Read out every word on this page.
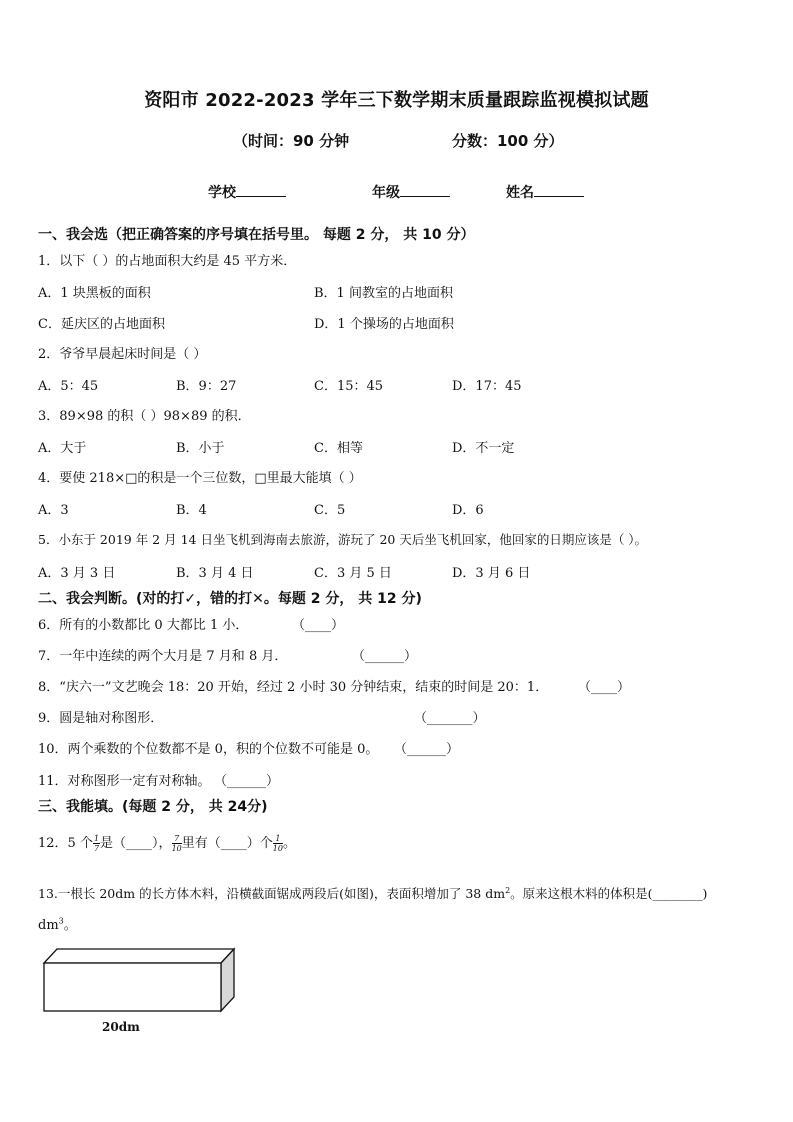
资阳市 2022-2023 学年三下数学期末质量跟踪监视模拟试题
（时间：90 分钟	分数：100 分）
学校	年级	姓名
一、我会选（把正确答案的序号填在括号里。 每题 2 分， 共 10 分）
1．以下（ ）的占地面积大约是 45 平方米．
A．1 块黑板的面积	B．1 间教室的占地面积
C．延庆区的占地面积	D．1 个操场的占地面积
2．爷爷早晨起床时间是（ ）
A．5：45	B．9：27	C．15：45	D．17：45
3．89×98 的积（ ）98×89 的积．
A．大于	B．小于	C．相等	D．不一定
4．要使 218×□的积是一个三位数，□里最大能填（ ）
A．3	B．4	C．5	D．6
5．小东于 2019 年 2 月 14 日坐飞机到海南去旅游，游玩了 20 天后坐飞机回家，他回家的日期应该是（ ）。
A．3 月 3 日	B．3 月 4 日	C．3 月 5 日	D．3 月 6 日
二、我会判断。(对的打✓，错的打✕。每题 2 分， 共 12 分)
6．所有的小数都比 0 大都比 1 小．	（____）
7．一年中连续的两个大月是 7 月和 8 月．	（______）
8．“庆六一”文艺晚会 18：20 开始，经过 2 小时 30 分钟结束，结束的时间是 20：1． （____）
9．圆是轴对称图形．	（_______）
10．两个乘数的个位数都不是 0，积的个位数不可能是 0。 （______）
11．对称图形一定有对称轴。 （______）
三、我能填。(每题 2 分， 共 24分)
12．5 个 $\frac{1}{7}$ 是（____）， $\frac{7}{10}$ 里有（____）个 $\frac{1}{10}$ 。
13.一根长 20dm 的长方体木料，沿横截面锯成两段后(如图)，表面积增加了 38 $dm^2$。原来这根木料的体积是(________)
$dm^3$。
20dm
